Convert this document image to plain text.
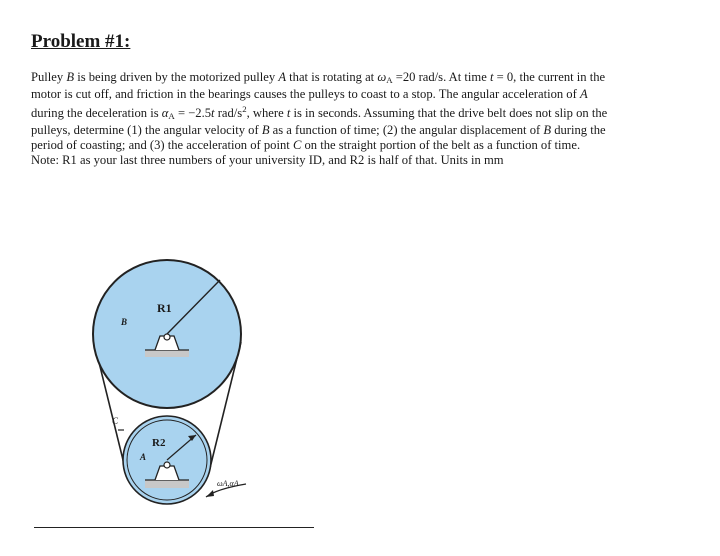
Problem #1:

Pulley B is being driven by the motorized pulley A that is rotating at $\omega_A =20$ rad/s. At time t = 0, the current in the

motor is cut off, and friction in the bearings causes the pulleys to coast to a stop. The angular acceleration of A

during the deceleration is $\alpha_A = -2.5t$ rad/$s^2$, where t is in seconds. Assuming that the drive belt does not slip on the

pulleys, determine (1) the angular velocity of B as a function of time; (2) the angular displacement of B during the

period of coasting; and (3) the acceleration of point C on the straight portion of the belt as a function of time.

Note: R1 as your last three numbers of your university ID, and R2 is half of that. Units in mm

R1
R2
B
A
C
ωA,αA
